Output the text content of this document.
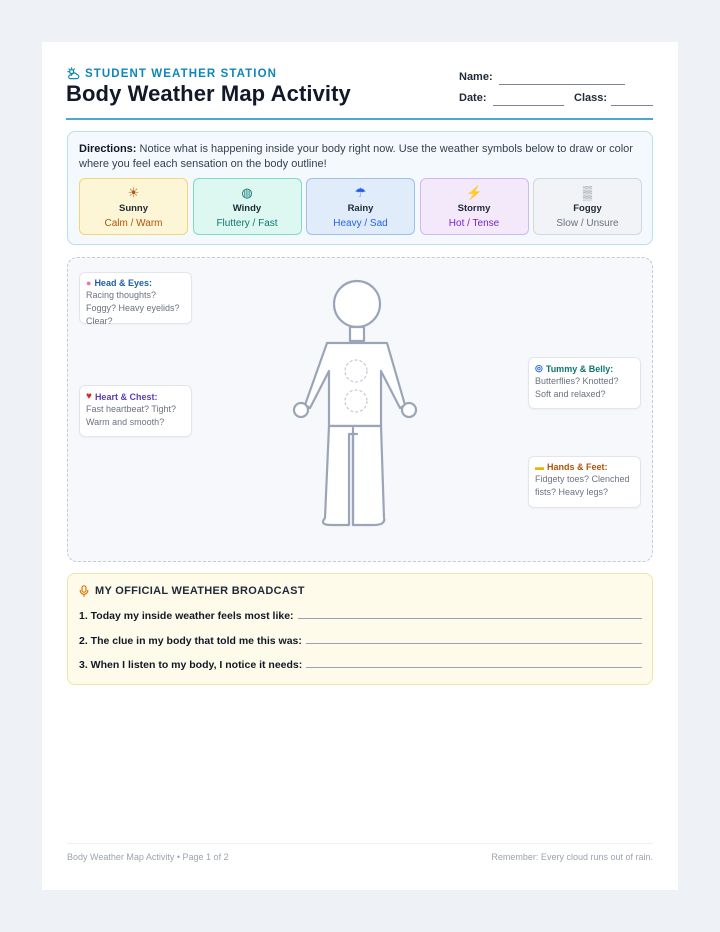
STUDENT WEATHER STATION
Body Weather Map Activity
Name:
Date:	Class:
Directions: Notice what is happening inside your body right now. Use the weather symbols below to draw or color where you feel each sensation on the body outline!
☀
Sunny
Calm / Warm
◍
Windy
Fluttery / Fast
☂
Rainy
Heavy / Sad
⚡
Stormy
Hot / Tense
▒
Foggy
Slow / Unsure
● Head & Eyes:
Racing thoughts? Foggy? Heavy eyelids? Clear?
♥ Heart & Chest:
Fast heartbeat? Tight? Warm and smooth?
◎ Tummy & Belly:
Butterflies? Knotted? Soft and relaxed?
▬ Hands & Feet:
Fidgety toes? Clenched fists? Heavy legs?
MY OFFICIAL WEATHER BROADCAST
1. Today my inside weather feels most like:
2. The clue in my body that told me this was:
3. When I listen to my body, I notice it needs:
Body Weather Map Activity • Page 1 of 2	Remember: Every cloud runs out of rain.
